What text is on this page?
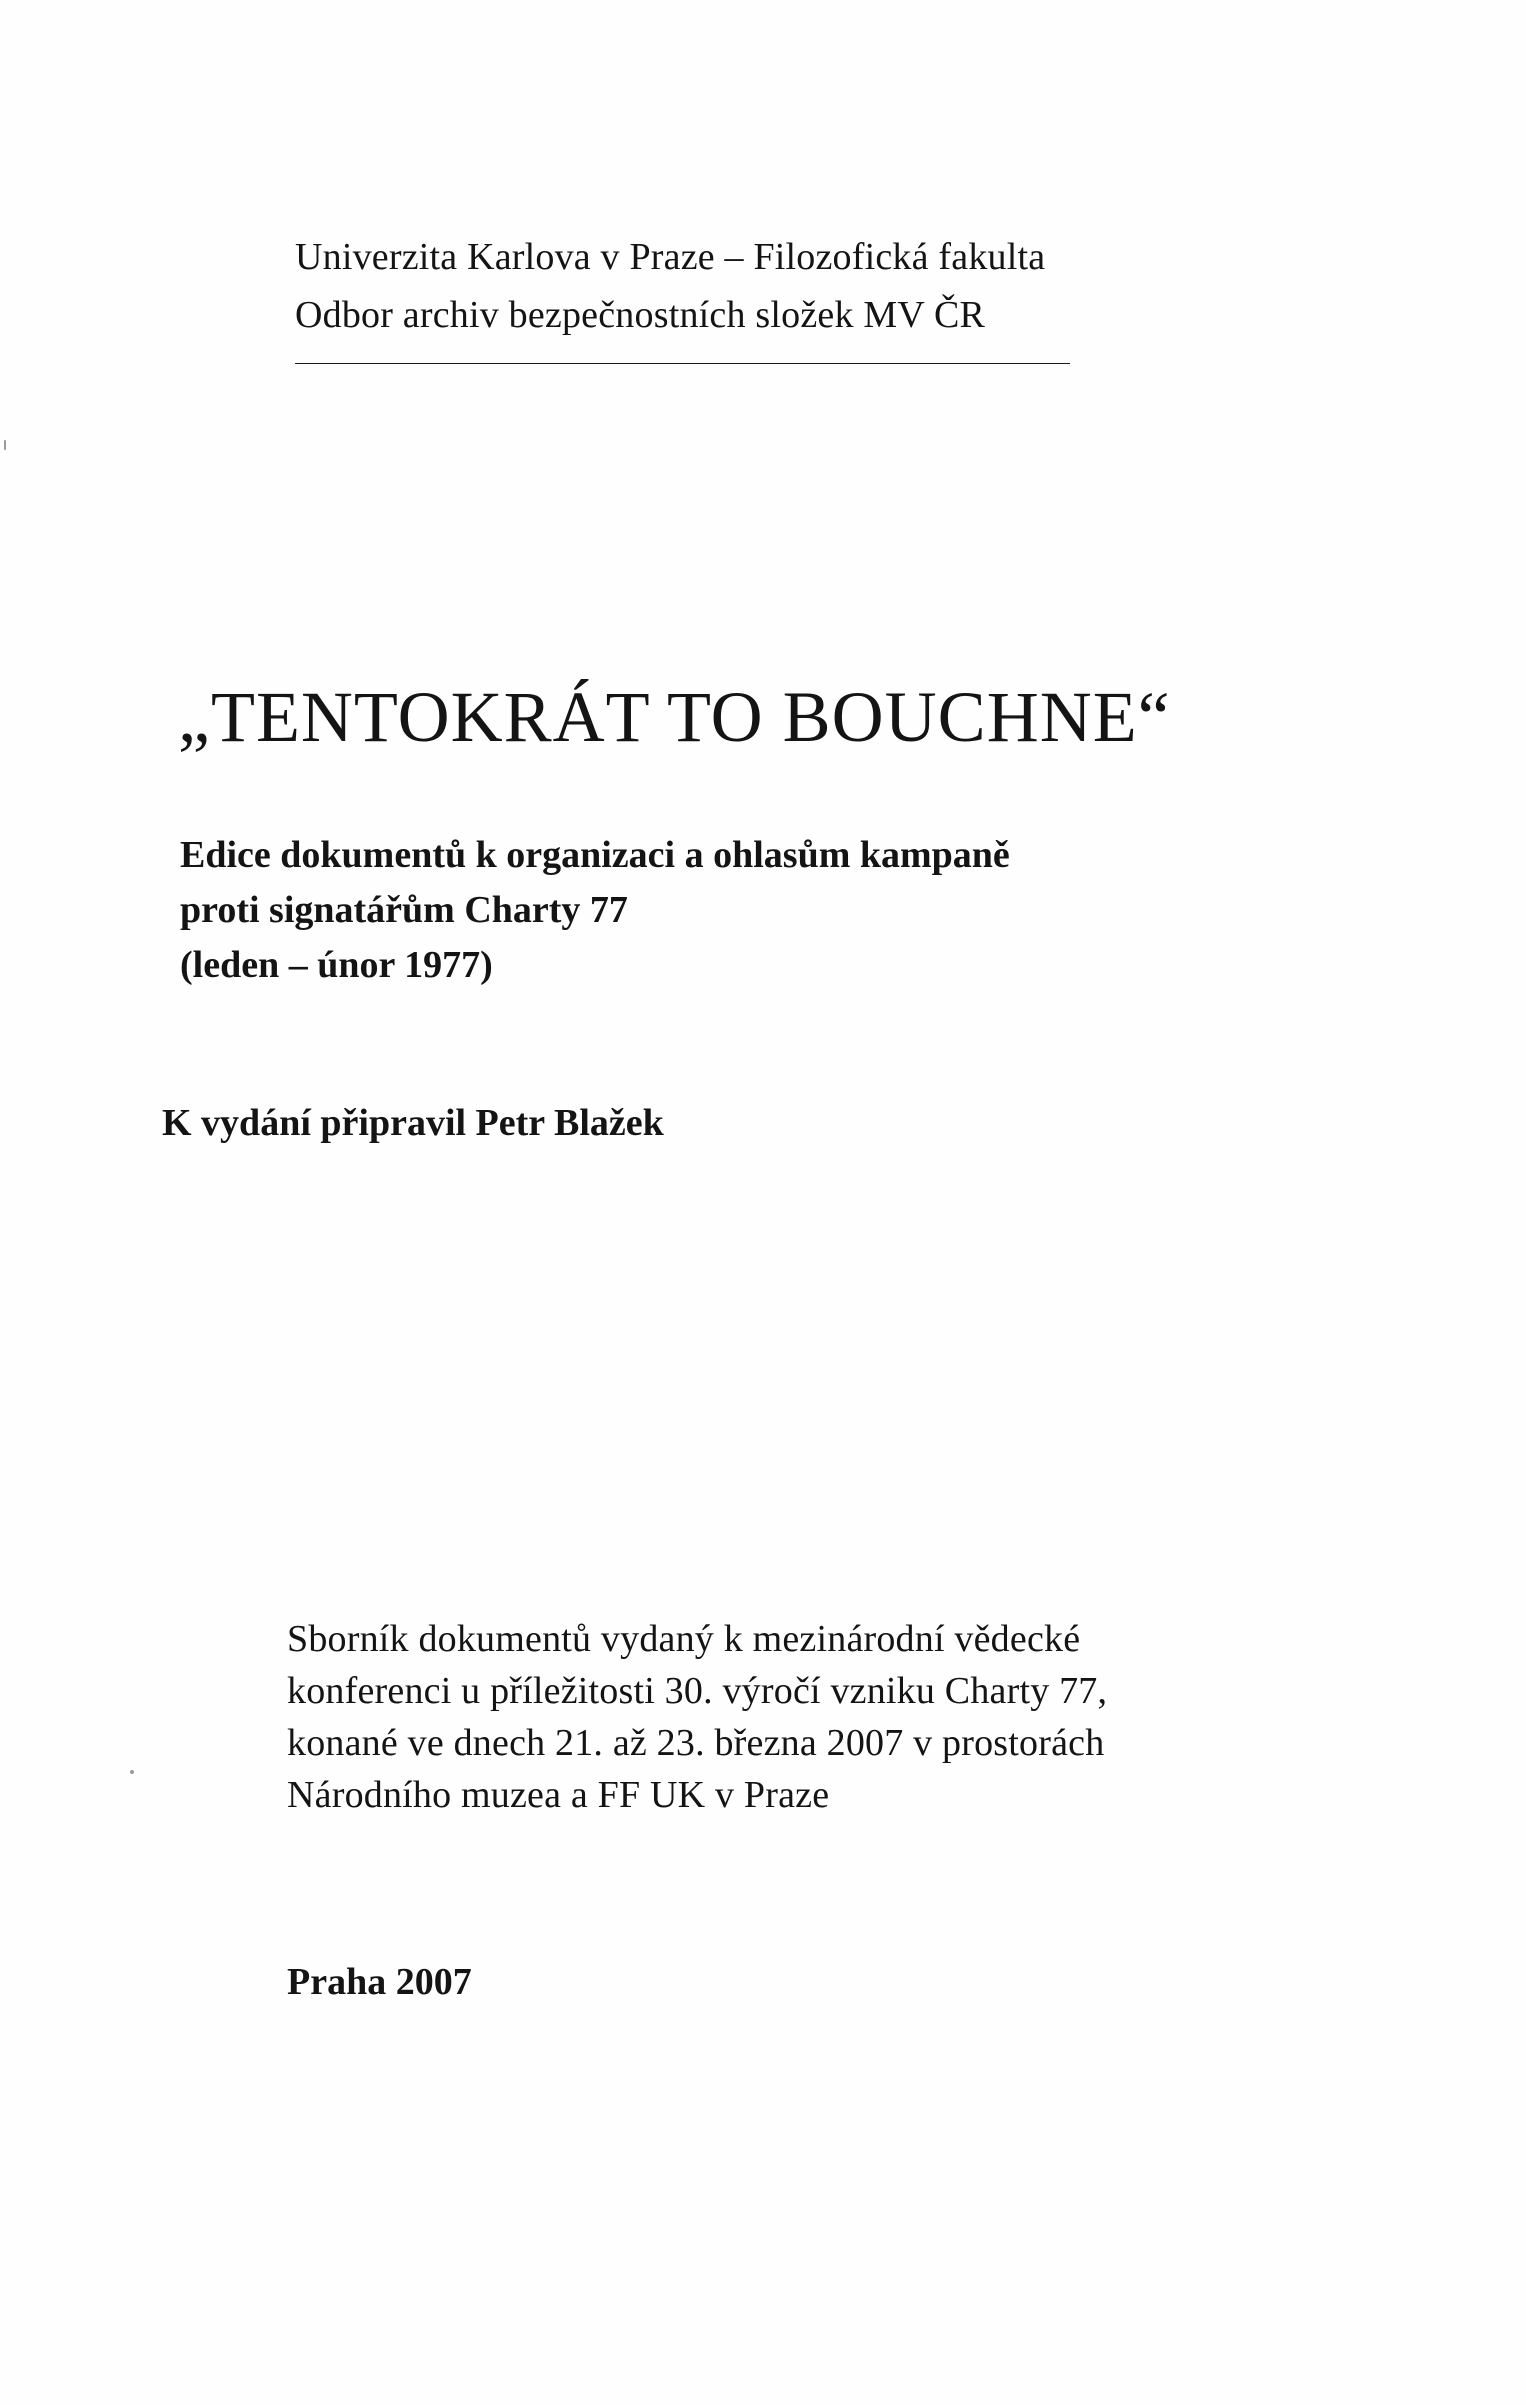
Univerzita Karlova v Praze – Filozofická fakulta
Odbor archiv bezpečnostních složek MV ČR
„TENTOKRÁT TO BOUCHNE“
Edice dokumentů k organizaci a ohlasům kampaně
proti signatářům Charty 77
(leden – únor 1977)
K vydání připravil Petr Blažek
Sborník dokumentů vydaný k mezinárodní vědecké
konferenci u příležitosti 30. výročí vzniku Charty 77,
konané ve dnech 21. až 23. března 2007 v prostorách
Národního muzea a FF UK v Praze
Praha 2007
